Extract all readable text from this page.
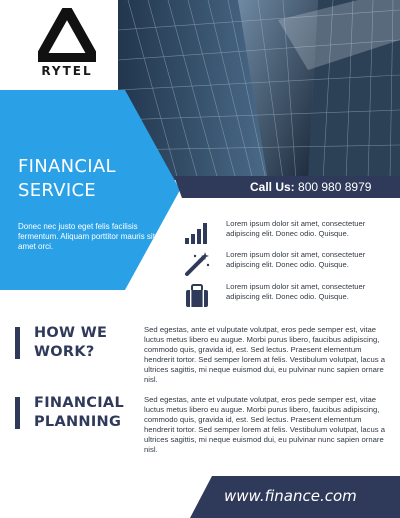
RYTEL
FINANCIAL
SERVICE
Donec nec justo eget felis facilisis fermentum. Aliquam porttitor mauris sit amet orci.
Call Us: 800 980 8979
Lorem ipsum dolor sit amet, consectetuer adipiscing elit. Donec odio. Quisque.
Lorem ipsum dolor sit amet, consectetuer adipiscing elit. Donec odio. Quisque.
Lorem ipsum dolor sit amet, consectetuer adipiscing elit. Donec odio. Quisque.
HOW WE
WORK?
Sed egestas, ante et vulputate volutpat, eros pede semper est, vitae luctus metus libero eu augue. Morbi purus libero, faucibus adipiscing, commodo quis, gravida id, est. Sed lectus. Praesent elementum hendrerit tortor. Sed semper lorem at felis. Vestibulum volutpat, lacus a ultrices sagittis, mi neque euismod dui, eu pulvinar nunc sapien ornare nisl.
FINANCIAL
PLANNING
Sed egestas, ante et vulputate volutpat, eros pede semper est, vitae luctus metus libero eu augue. Morbi purus libero, faucibus adipiscing, commodo quis, gravida id, est. Sed lectus. Praesent elementum hendrerit tortor. Sed semper lorem at felis. Vestibulum volutpat, lacus a ultrices sagittis, mi neque euismod dui, eu pulvinar nunc sapien ornare nisl.
www.finance.com
